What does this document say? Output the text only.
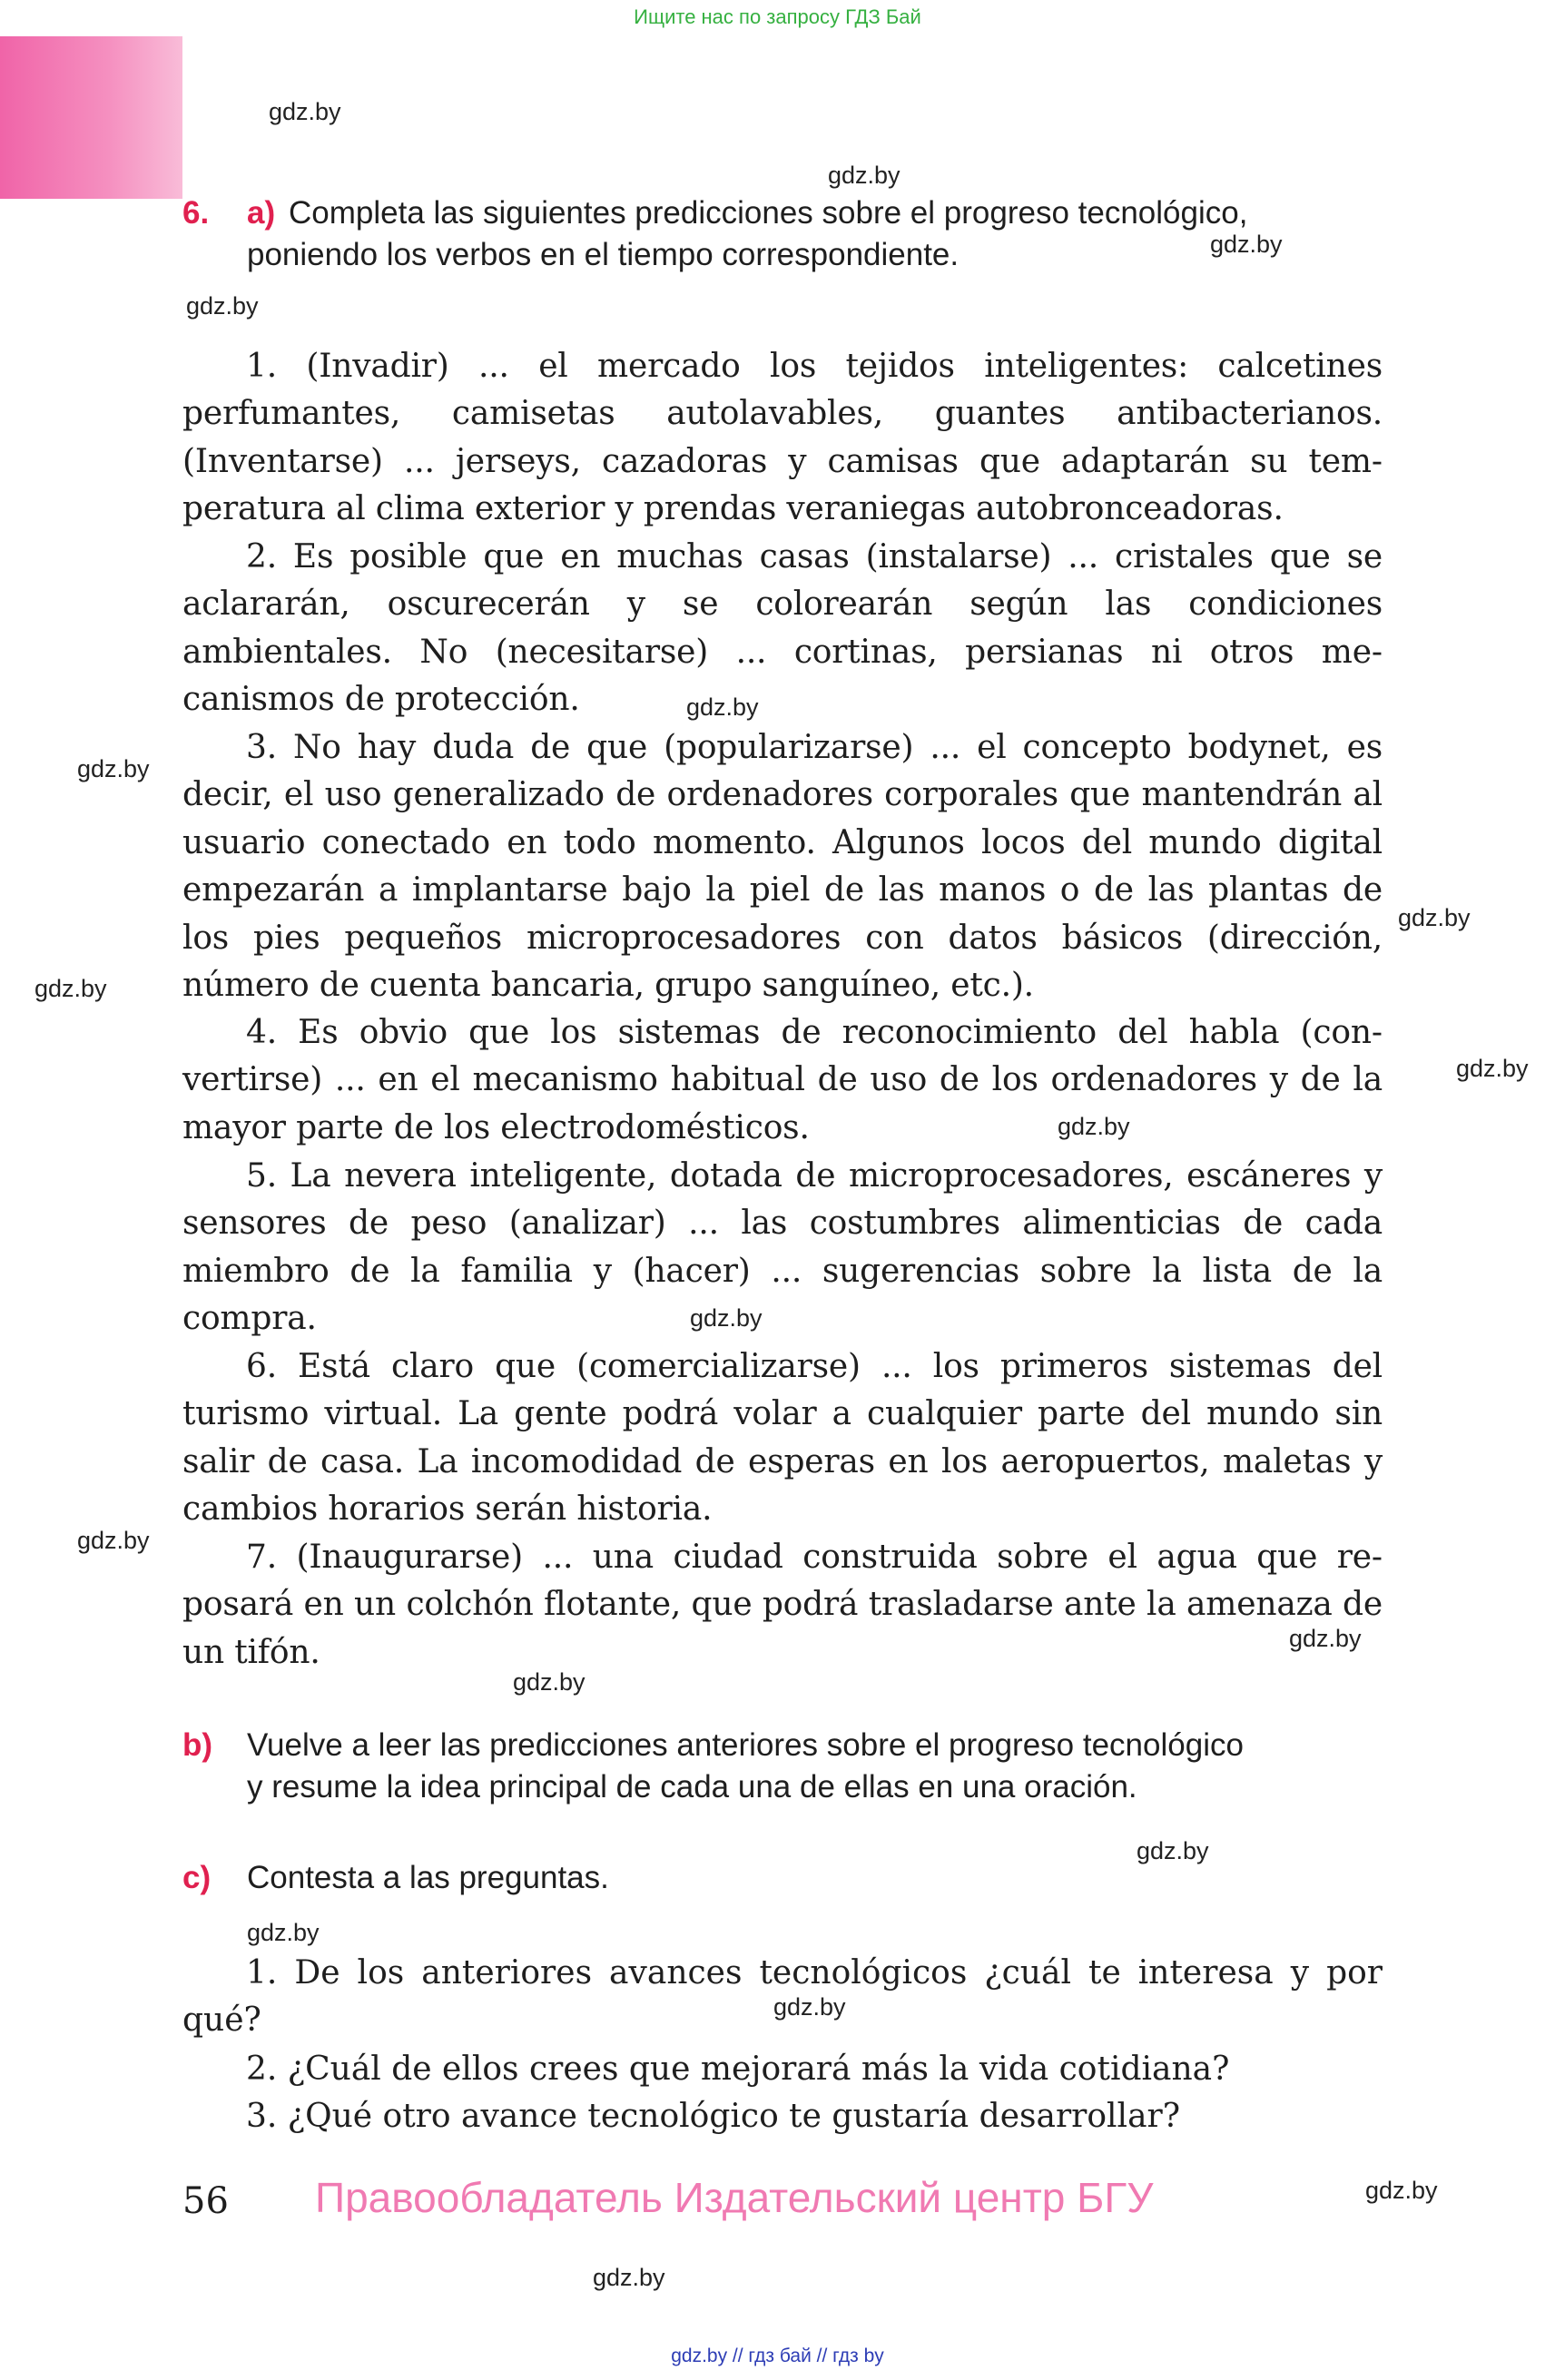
Ищите нас по запросу ГДЗ Бай
gdz.by
gdz.by
gdz.by
gdz.by
gdz.by
gdz.by
gdz.by
gdz.by
gdz.by
gdz.by
gdz.by
gdz.by
gdz.by
gdz.by
gdz.by
gdz.by
gdz.by
gdz.by
gdz.by
6. a) Completa las siguientes predicciones sobre el progreso tecnológico,
poniendo los verbos en el tiempo correspondiente.

1. (Invadir) ... el mercado los tejidos inteligentes: calcetines perfumantes, camisetas autolavables, guantes antibacterianos. (Inventarse) ... jerseys, cazadoras y camisas que adaptarán su temperatura al clima exterior y prendas veraniegas autobronceadoras.

2. Es posible que en muchas casas (instalarse) ... cristales que se aclararán, oscurecerán y se colorearán según las condiciones ambientales. No (necesitarse) ... cortinas, persianas ni otros mecanismos de protección.

3. No hay duda de que (popularizarse) ... el concepto bodynet, es decir, el uso generalizado de ordenadores corporales que mantendrán al usuario conectado en todo momento. Algunos locos del mundo digital empezarán a implantarse bajo la piel de las manos o de las plantas de los pies pequeños microprocesadores con datos básicos (dirección, número de cuenta bancaria, grupo sanguíneo, etc.).

4. Es obvio que los sistemas de reconocimiento del habla (convertirse) ... en el mecanismo habitual de uso de los ordenadores y de la mayor parte de los electrodomésticos.

5. La nevera inteligente, dotada de microprocesadores, escáneres y sensores de peso (analizar) ... las costumbres alimenticias de cada miembro de la familia y (hacer) ... sugerencias sobre la lista de la compra.

6. Está claro que (comercializarse) ... los primeros sistemas del turismo virtual. La gente podrá volar a cualquier parte del mundo sin salir de casa. La incomodidad de esperas en los aeropuertos, maletas y cambios horarios serán historia.

7. (Inaugurarse) ... una ciudad construida sobre el agua que reposará en un colchón flotante, que podrá trasladarse ante la amenaza de un tifón.

b) Vuelve a leer las predicciones anteriores sobre el progreso tecnológico
y resume la idea principal de cada una de ellas en una oración.
c) Contesta a las preguntas.

1. De los anteriores avances tecnológicos ¿cuál te interesa y por qué?

2. ¿Cuál de ellos crees que mejorará más la vida cotidiana?

3. ¿Qué otro avance tecnológico te gustaría desarrollar?

56 Правообладатель Издательский центр БГУ
gdz.by // гдз бай // гдз by
